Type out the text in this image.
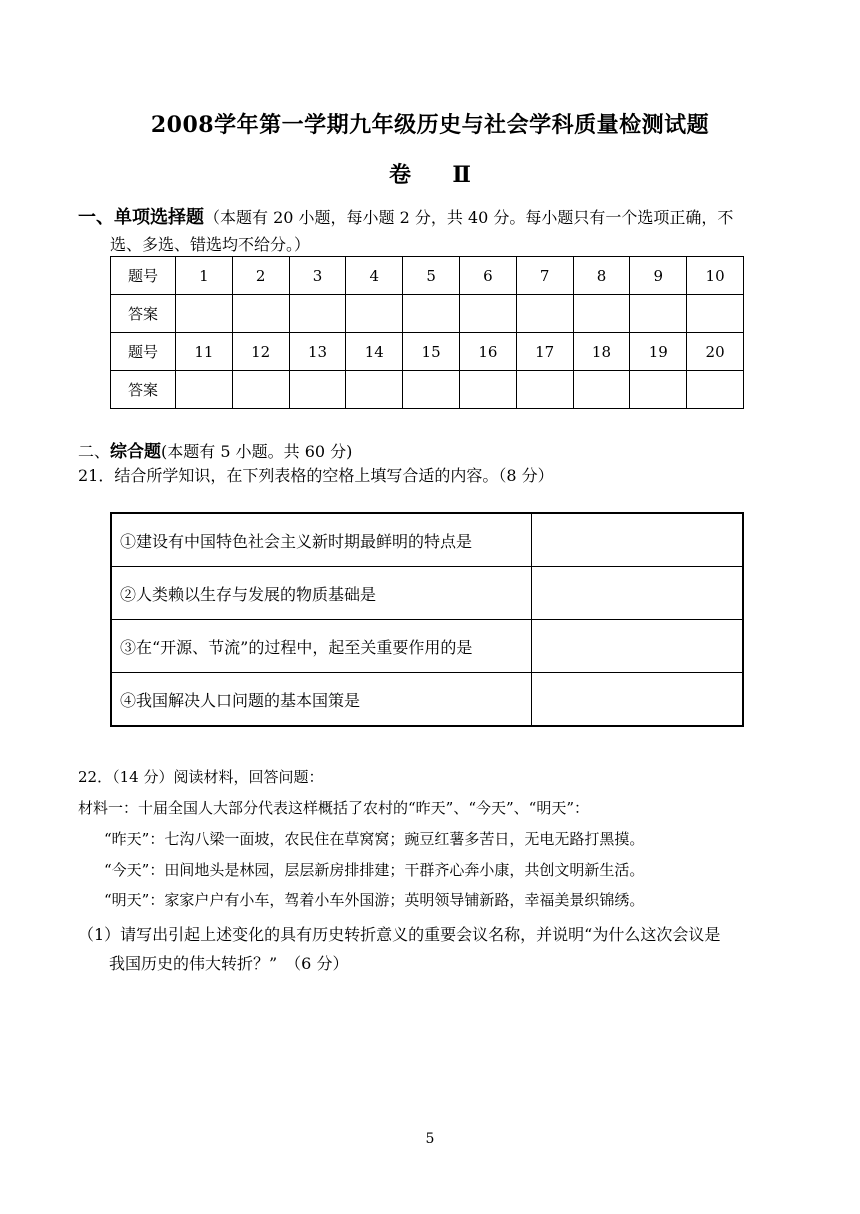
2008学年第一学期九年级历史与社会学科质量检测试题
卷 Ⅱ
一、单项选择题（本题有 20 小题，每小题 2 分，共 40 分。每小题只有一个选项正确，不
选、多选、错选均不给分。）
题号	1	2	3	4	5	6	7	8	9	10
答案										
题号	11	12	13	14	15	16	17	18	19	20
答案										
二、综合题(本题有 5 小题。共 60 分)
21．结合所学知识，在下列表格的空格上填写合适的内容。（8 分）
①建设有中国特色社会主义新时期最鲜明的特点是	
②人类赖以生存与发展的物质基础是	
③在“开源、节流”的过程中，起至关重要作用的是	
④我国解决人口问题的基本国策是	
22．（14 分）阅读材料，回答问题：
材料一：十届全国人大部分代表这样概括了农村的“昨天”、“今天”、“明天”：
“昨天”：七沟八梁一面坡，农民住在草窝窝；豌豆红薯多苦日，无电无路打黑摸。
“今天”：田间地头是林园，层层新房排排建；干群齐心奔小康，共创文明新生活。
“明天”：家家户户有小车，驾着小车外国游；英明领导铺新路，幸福美景织锦绣。
（1）请写出引起上述变化的具有历史转折意义的重要会议名称，并说明“为什么这次会议是
我国历史的伟大转折？”　（6 分）
5
